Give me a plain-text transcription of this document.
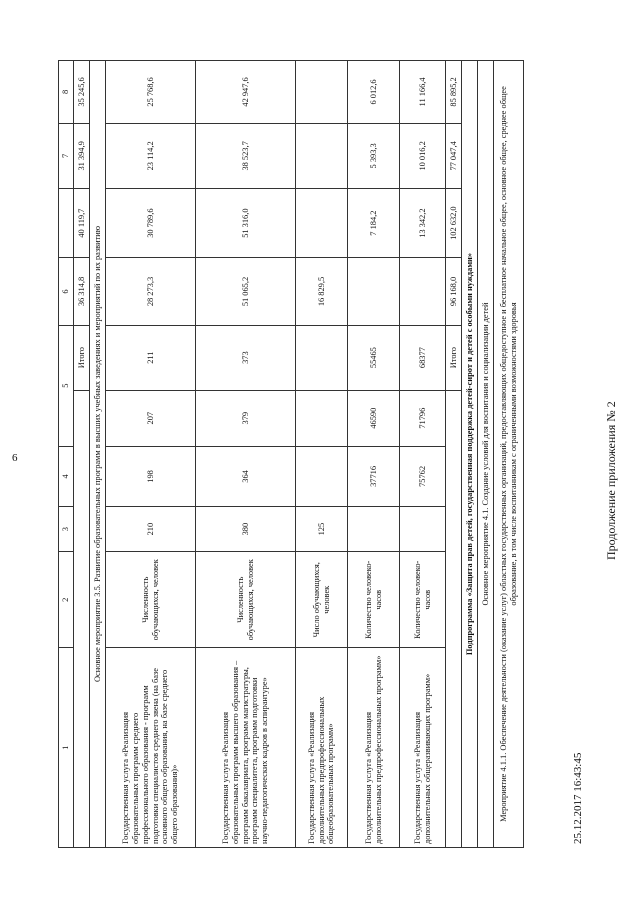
6	Продолжение приложения № 2
25.12.2017 16:43:45
1	2	3	4	5		6		7	8
					Итого	36 314,8	40 119,7	31 394,9	35 245,6
Основное мероприятие 3.5. Развитие образовательных программ в высших учебных заведениях и мероприятий по их развитию									
Государственная услуга «Реализация образовательных программ среднего профессионального образования - программ подготовки специалистов среднего звена (на базе основного общего образования, на базе среднего общего образования)»	Численность обучающихся, человек	210	198	207	211	28 273,3	30 789,6	23 114,2	25 768,6
Государственная услуга «Реализация образовательных программ высшего образования – программ бакалавриата, программ магистратуры, программ специалитета, программ подготовки научно-педагогических кадров в аспирантуре»	Численность обучающихся, человек	380	364	379	373	51 065,2	51 316,0	38 523,7	42 947,6
Государственная услуга «Реализация дополнительных предпрофессиональных общеобразовательных программ»	Число обучающихся, человек	125				16 829,5			
Государственная услуга «Реализация дополнительных предпрофессиональных программ»	Количество человеко-часов		37716	46590	55465		7 184,2	5 393,3	6 012,6
Государственная услуга «Реализация дополнительных общеразвивающих программ»	Количество человеко-часов		75762	71796	68377		13 342,2	10 016,2	11 166,4
					Итого	96 168,0	102 632,0	77 047,4	85 895,2
Подпрограмма «Защита прав детей, государственная поддержка детей-сирот и детей с особыми нуждами»									
Основное мероприятие 4.1. Создание условий для воспитания и социализации детей									
Мероприятие 4.1.1. Обеспечение деятельности (оказание услуг) областных государственных организаций, предоставляющих общедоступное и бесплатное начальное общее, основное общее, среднее общее образование, в том числе воспитанникам с ограниченными возможностями здоровья									
